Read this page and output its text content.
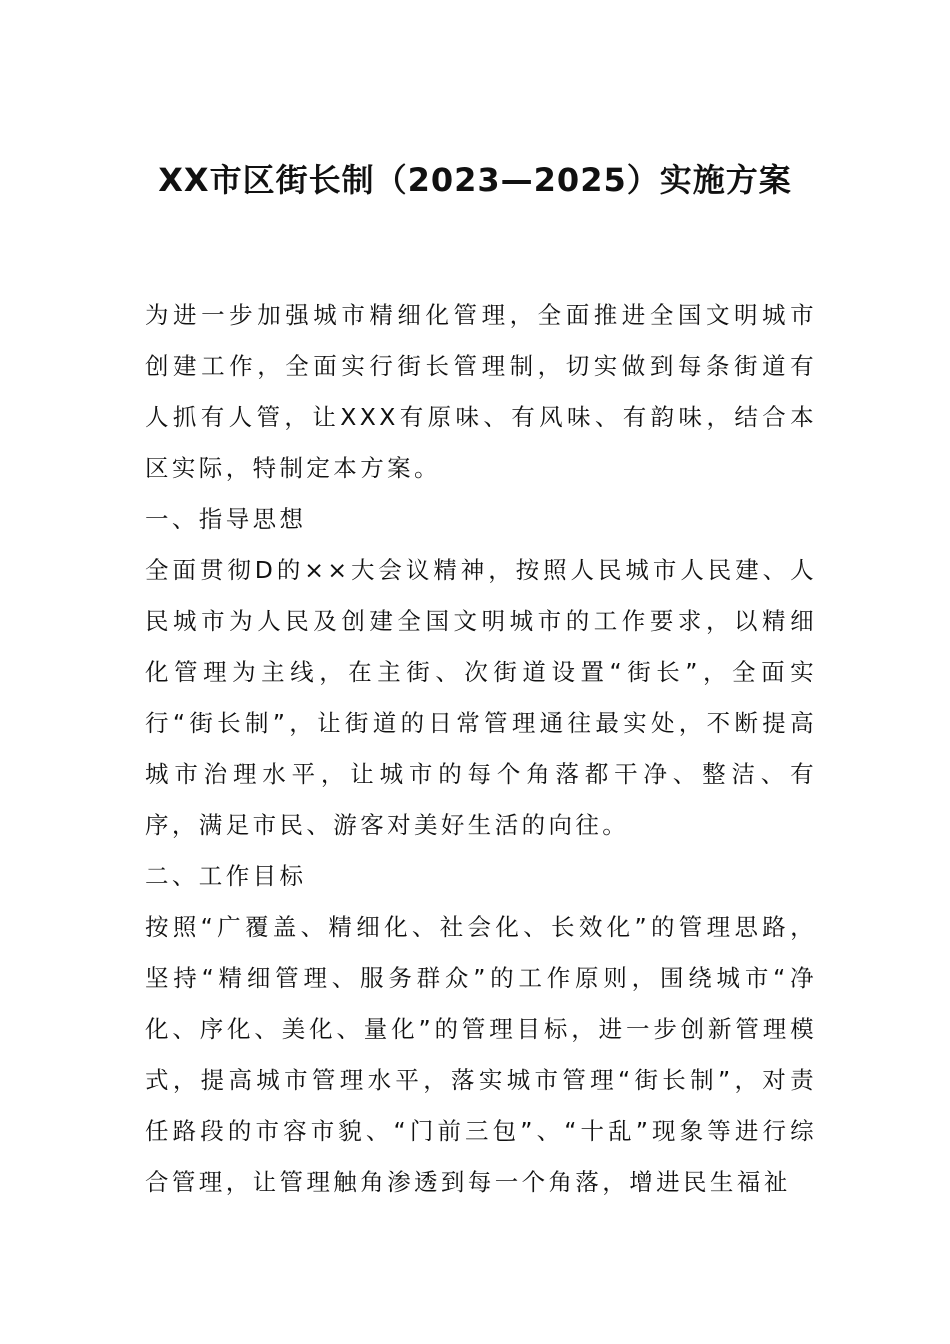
XX市区街长制（2023—2025）实施方案

为进一步加强城市精细化管理，全面推进全国文明城市创建工作，全面实行街长管理制，切实做到每条街道有人抓有人管，让XXX有原味、有风味、有韵味，结合本区实际，特制定本方案。

一、指导思想

全面贯彻D的××大会议精神，按照人民城市人民建、人民城市为人民及创建全国文明城市的工作要求，以精细化管理为主线，在主街、次街道设置“街长”，全面实行“街长制”，让街道的日常管理通往最实处，不断提高城市治理水平，让城市的每个角落都干净、整洁、有序，满足市民、游客对美好生活的向往。

二、工作目标

按照“广覆盖、精细化、社会化、长效化”的管理思路，坚持“精细管理、服务群众”的工作原则，围绕城市“净化、序化、美化、量化”的管理目标，进一步创新管理模式，提高城市管理水平，落实城市管理“街长制”，对责任路段的市容市貌、“门前三包”、“十乱”现象等进行综合管理，让管理触角渗透到每一个角落，增进民生福祉
